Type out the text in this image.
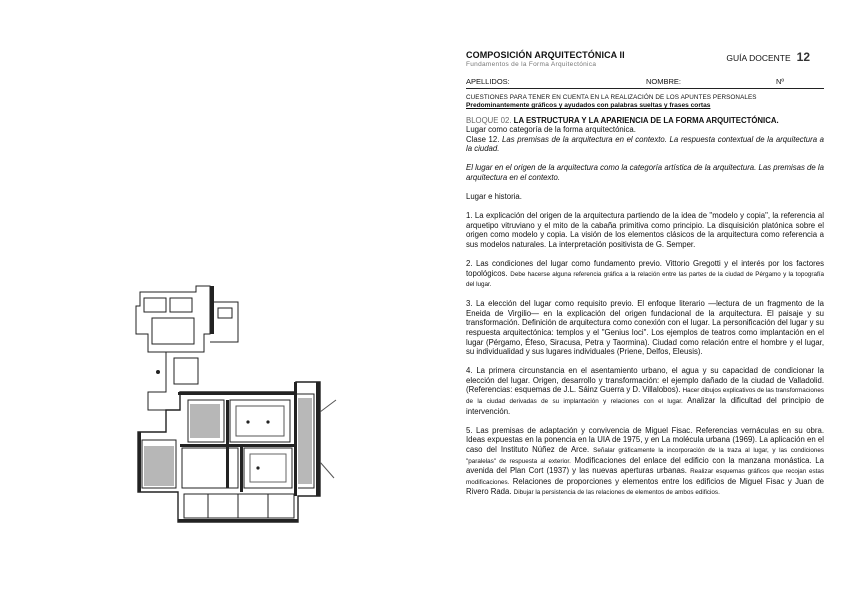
COMPOSICIÓN ARQUITECTÓNICA II
Fundamentos de la Forma Arquitectónica
GUÍA DOCENTE 12
APELLIDOS:	NOMBRE:	Nº
CUESTIONES PARA TENER EN CUENTA EN LA REALIZACIÓN DE LOS APUNTES PERSONALES
Predominantemente gráficos y ayudados con palabras sueltas y frases cortas
BLOQUE 02. LA ESTRUCTURA Y LA APARIENCIA DE LA FORMA ARQUITECTÓNICA.
Lugar como categoría de la forma arquitectónica.
Clase 12. Las premisas de la arquitectura en el contexto. La respuesta contextual de la arquitectura a la ciudad.
El lugar en el origen de la arquitectura como la categoría artística de la arquitectura. Las premisas de la arquitectura en el contexto.
Lugar e historia.
1. La explicación del origen de la arquitectura partiendo de la idea de "modelo y copia", la referencia al arquetipo vitruviano y el mito de la cabaña primitiva como principio. La disquisición platónica sobre el origen como modelo y copia. La visión de los elementos clásicos de la arquitectura como referencia a sus modelos naturales. La interpretación positivista de G. Semper.
2. Las condiciones del lugar como fundamento previo. Vittorio Gregotti y el interés por los factores topológicos. Debe hacerse alguna referencia gráfica a la relación entre las partes de la ciudad de Pérgamo y la topografía del lugar.
3. La elección del lugar como requisito previo. El enfoque literario —lectura de un fragmento de la Eneida de Virgilio— en la explicación del origen fundacional de la arquitectura. El paisaje y su transformación. Definición de arquitectura como conexión con el lugar. La personificación del lugar y su respuesta arquitectónica: templos y el "Genius loci". Los ejemplos de teatros como implantación en el lugar (Pérgamo, Éfeso, Siracusa, Petra y Taormina). Ciudad como relación entre el hombre y el lugar, su individualidad y sus lugares individuales (Priene, Delfos, Eleusis).
4. La primera circunstancia en el asentamiento urbano, el agua y su capacidad de condicionar la elección del lugar. Origen, desarrollo y transformación: el ejemplo dañado de la ciudad de Valladolid. (Referencias: esquemas de J.L. Sáinz Guerra y D. Villalobos). Hacer dibujos explicativos de las transformaciones de la ciudad derivadas de su implantación y relaciones con el lugar. Analizar la dificultad del principio de intervención.
5. Las premisas de adaptación y convivencia de Miguel Fisac. Referencias vernáculas en su obra. Ideas expuestas en la ponencia en la UIA de 1975, y en La molécula urbana (1969). La aplicación en el caso del Instituto Núñez de Arce. Señalar gráficamente la incorporación de la traza al lugar, y las condiciones "paralelas" de respuesta al exterior. Modificaciones del enlace del edificio con la manzana monástica. La avenida del Plan Cort (1937) y las nuevas aperturas urbanas. Realizar esquemas gráficos que recojan estas modificaciones. Relaciones de proporciones y elementos entre los edificios de Miguel Fisac y Juan de Rivero Rada. Dibujar la persistencia de las relaciones de elementos de ambos edificios.
